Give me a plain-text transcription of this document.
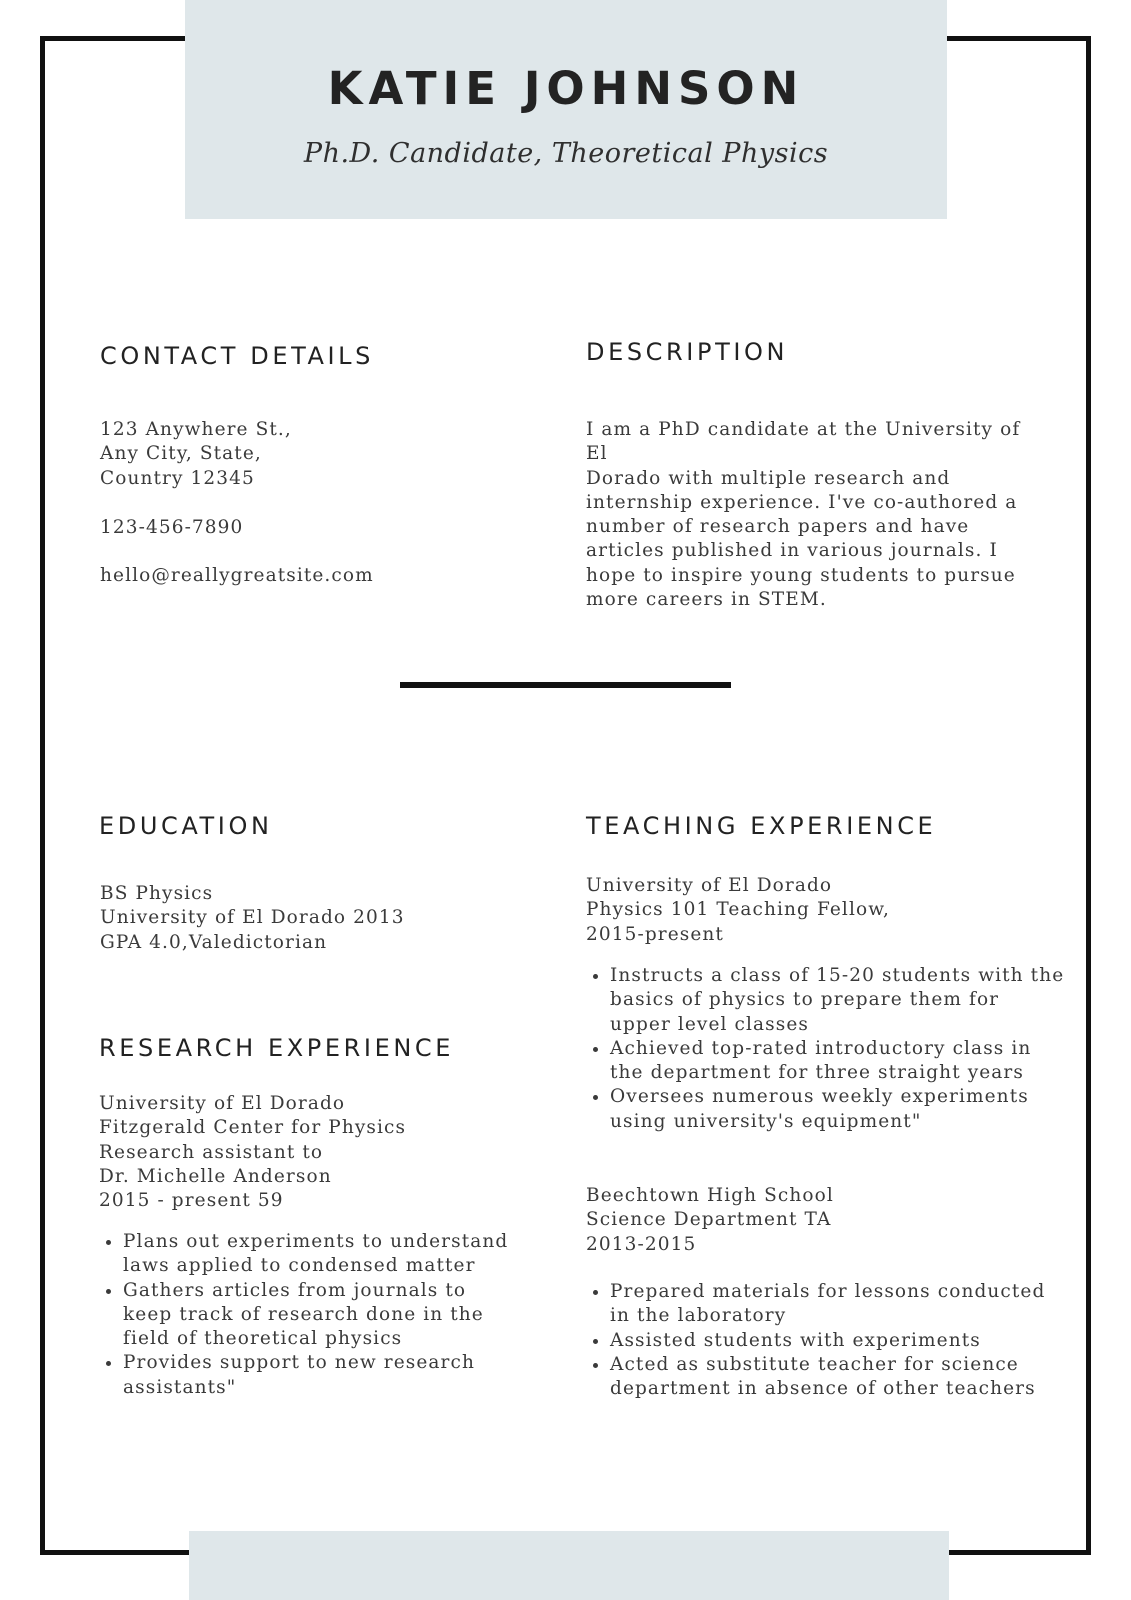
KATIE JOHNSON
Ph.D. Candidate, Theoretical Physics
CONTACT DETAILS

123 Anywhere St.,
Any City, State,
Country 12345

123-456-7890

hello@reallygreatsite.com

DESCRIPTION

I am a PhD candidate at the University of El
Dorado with multiple research and
internship experience. I've co-authored a
number of research papers and have
articles published in various journals. I
hope to inspire young students to pursue
more careers in STEM.

EDUCATION

BS Physics
University of El Dorado 2013
GPA 4.0,Valedictorian

RESEARCH EXPERIENCE

University of El Dorado
Fitzgerald Center for Physics
Research assistant to
Dr. Michelle Anderson
2015 - present 59

• Plans out experiments to understand laws applied to condensed matter
• Gathers articles from journals to keep track of research done in the field of theoretical physics
• Provides support to new research assistants"
TEACHING EXPERIENCE

University of El Dorado
Physics 101 Teaching Fellow,
2015-present

• Instructs a class of 15-20 students with the basics of physics to prepare them for upper level classes
• Achieved top-rated introductory class in the department for three straight years
• Oversees numerous weekly experiments using university's equipment"

Beechtown High School
Science Department TA
2013-2015

• Prepared materials for lessons conducted in the laboratory
• Assisted students with experiments
• Acted as substitute teacher for science department in absence of other teachers
